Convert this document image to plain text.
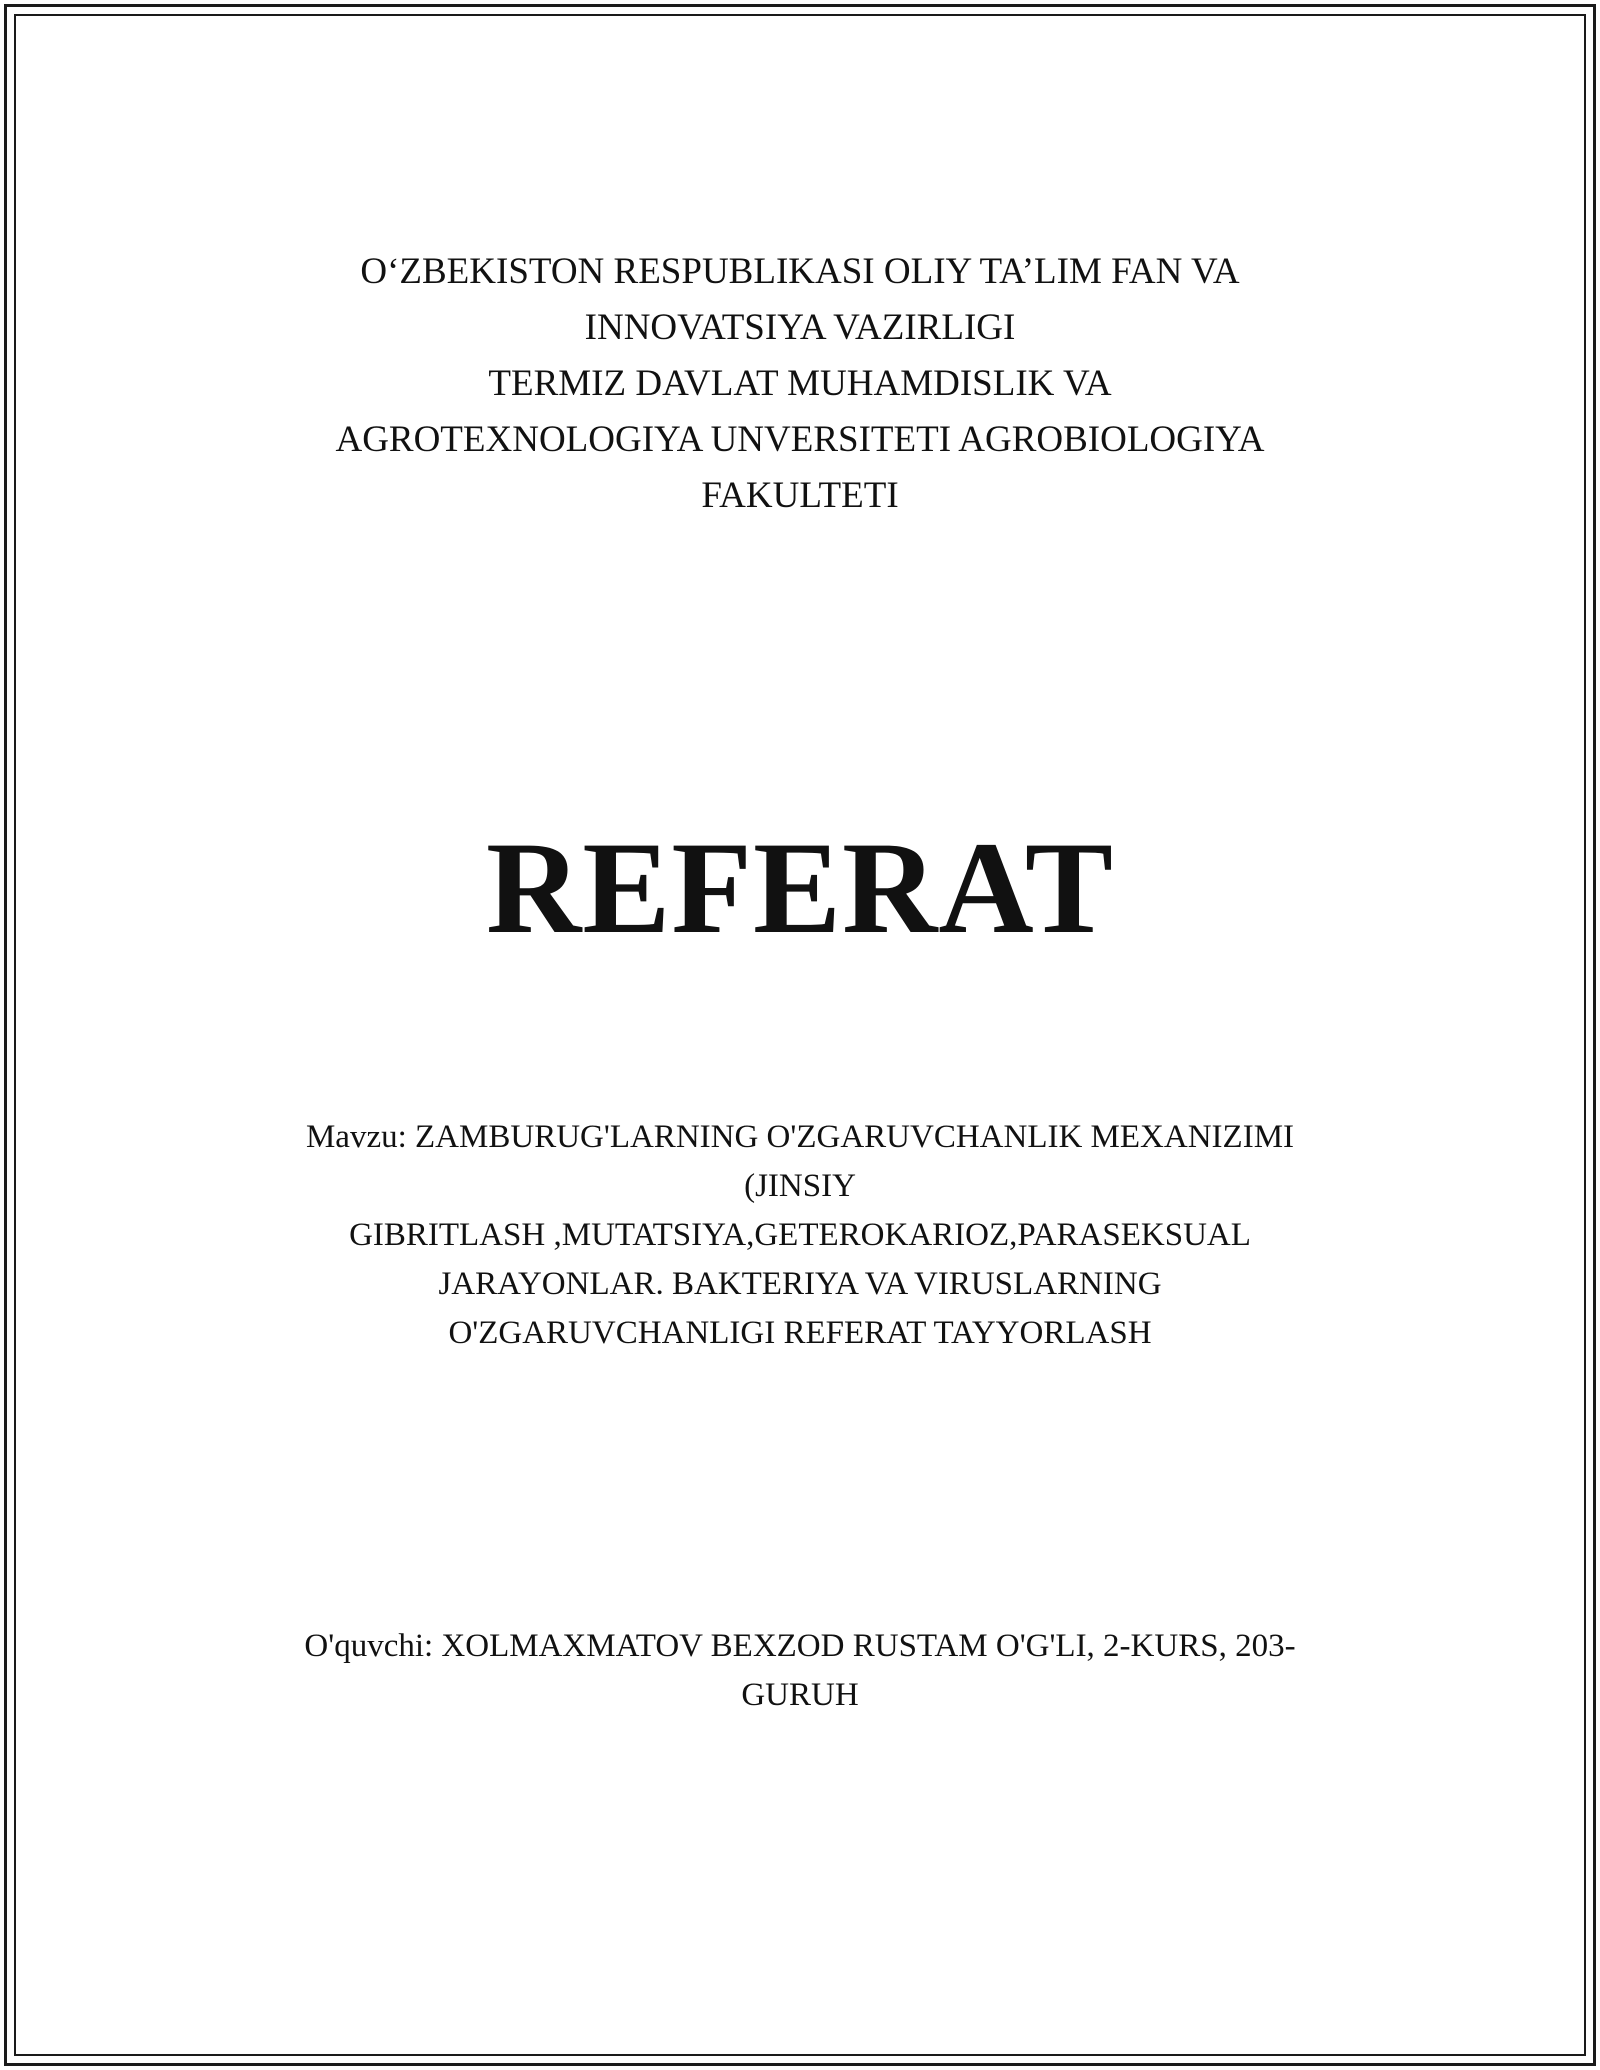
O‘ZBEKISTON RESPUBLIKASI OLIY TA’LIM FAN VA
INNOVATSIYA VAZIRLIGI
TERMIZ DAVLAT MUHAMDISLIK VA
AGROTEXNOLOGIYA UNVERSITETI AGROBIOLOGIYA
FAKULTETI
REFERAT
Mavzu: ZAMBURUG'LARNING O'ZGARUVCHANLIK MEXANIZIMI
(JINSIY
GIBRITLASH ,MUTATSIYA,GETEROKARIOZ,PARASEKSUAL
JARAYONLAR. BAKTERIYA VA VIRUSLARNING
O'ZGARUVCHANLIGI REFERAT TAYYORLASH
O'quvchi: XOLMAXMATOV BEXZOD RUSTAM O'G'LI, 2-KURS, 203-
GURUH
